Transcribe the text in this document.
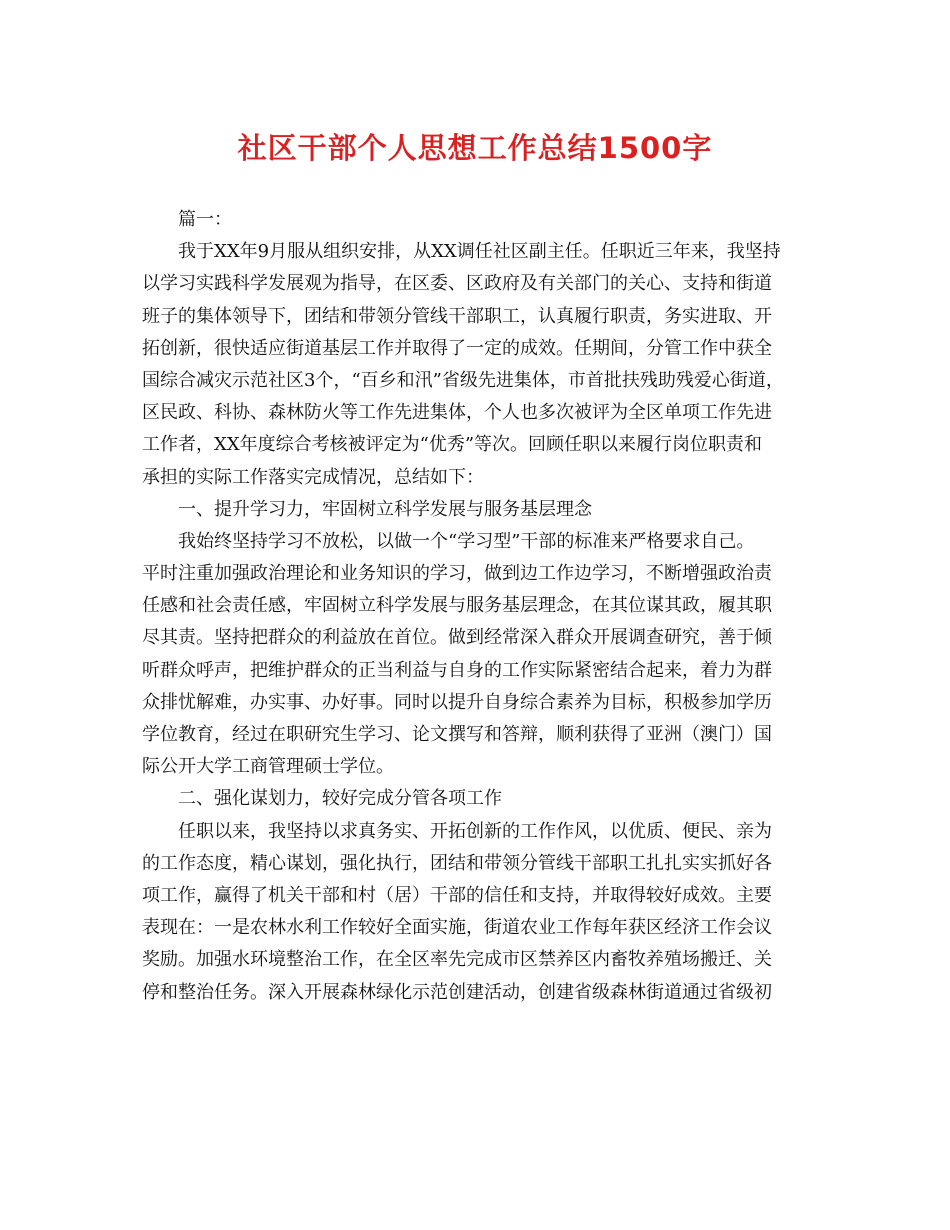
社区干部个人思想工作总结1500字
篇一：
我于XX年9月服从组织安排，从XX调任社区副主任。任职近三年来，我坚持
以学习实践科学发展观为指导，在区委、区政府及有关部门的关心、支持和街道
班子的集体领导下，团结和带领分管线干部职工，认真履行职责，务实进取、开
拓创新，很快适应街道基层工作并取得了一定的成效。任期间，分管工作中获全
国综合减灾示范社区3个，“百乡和汛”省级先进集体，市首批扶残助残爱心街道，
区民政、科协、森林防火等工作先进集体，个人也多次被评为全区单项工作先进
工作者，XX年度综合考核被评定为“优秀”等次。回顾任职以来履行岗位职责和
承担的实际工作落实完成情况，总结如下：
一、提升学习力，牢固树立科学发展与服务基层理念
我始终坚持学习不放松，以做一个“学习型”干部的标准来严格要求自己。
平时注重加强政治理论和业务知识的学习，做到边工作边学习，不断增强政治责
任感和社会责任感，牢固树立科学发展与服务基层理念，在其位谋其政，履其职
尽其责。坚持把群众的利益放在首位。做到经常深入群众开展调查研究，善于倾
听群众呼声，把维护群众的正当利益与自身的工作实际紧密结合起来，着力为群
众排忧解难，办实事、办好事。同时以提升自身综合素养为目标，积极参加学历
学位教育，经过在职研究生学习、论文撰写和答辩，顺利获得了亚洲（澳门）国
际公开大学工商管理硕士学位。
二、强化谋划力，较好完成分管各项工作
任职以来，我坚持以求真务实、开拓创新的工作作风，以优质、便民、亲为
的工作态度，精心谋划，强化执行，团结和带领分管线干部职工扎扎实实抓好各
项工作，赢得了机关干部和村（居）干部的信任和支持，并取得较好成效。主要
表现在：一是农林水利工作较好全面实施，街道农业工作每年获区经济工作会议
奖励。加强水环境整治工作，在全区率先完成市区禁养区内畜牧养殖场搬迁、关
停和整治任务。深入开展森林绿化示范创建活动，创建省级森林街道通过省级初
